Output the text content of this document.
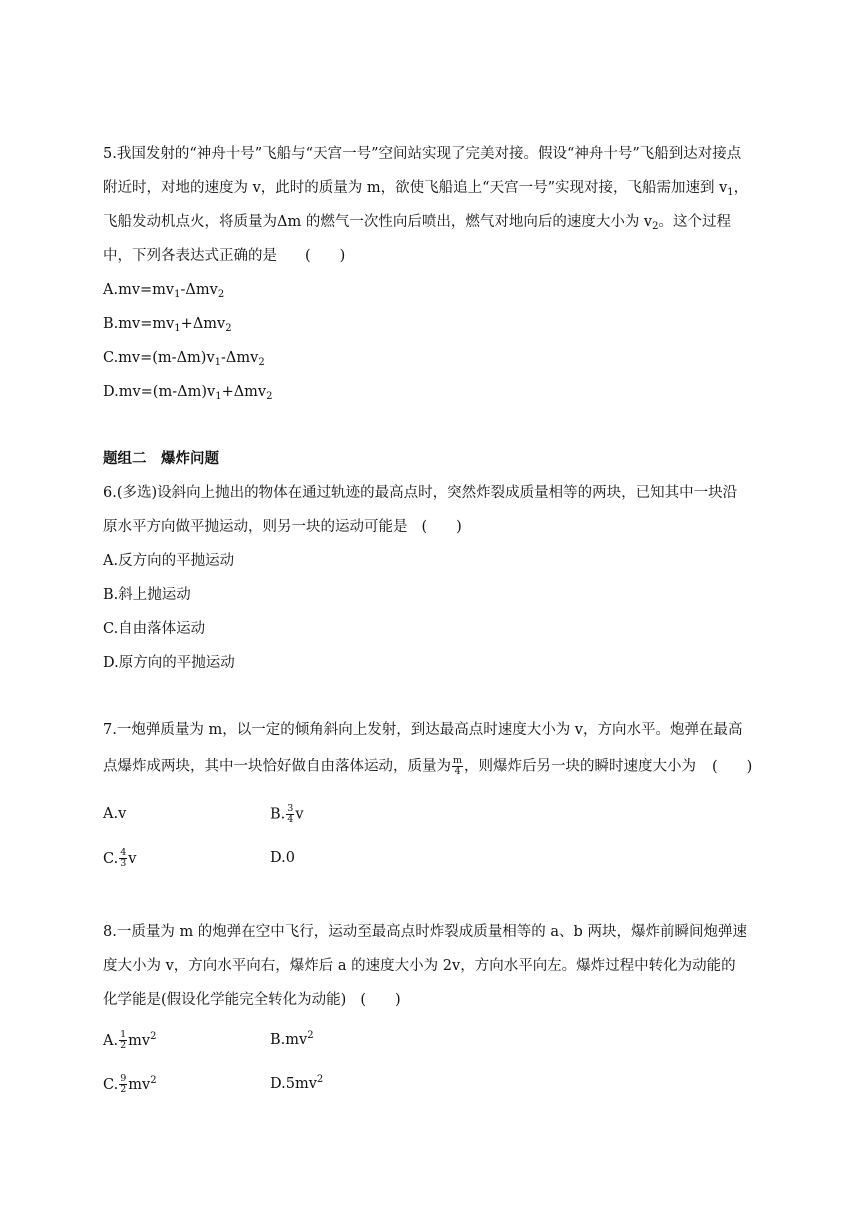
5.我国发射的“神舟十号”飞船与“天宫一号”空间站实现了完美对接。假设“神舟十号”飞船到达对接点
附近时，对地的速度为 v，此时的质量为 m，欲使飞船追上“天宫一号”实现对接，飞船需加速到 $v_1$，
飞船发动机点火，将质量为Δm 的燃气一次性向后喷出，燃气对地向后的速度大小为 $v_2$。这个过程
中，下列各表达式正确的是 (　　)
$A.mv=mv_1-\Delta mv_2$
$B.mv=mv_1+\Delta mv_2$
$C.mv=(m-\Delta m)v_1-\Delta mv_2$
$D.mv=(m-\Delta m)v_1+\Delta mv_2$
题组二　爆炸问题
6.(多选)设斜向上抛出的物体在通过轨迹的最高点时，突然炸裂成质量相等的两块，已知其中一块沿
原水平方向做平抛运动，则另一块的运动可能是 (　　)
A.反方向的平抛运动
B.斜上抛运动
C.自由落体运动
D.原方向的平抛运动
7.一炮弹质量为 m，以一定的倾角斜向上发射，到达最高点时速度大小为 v，方向水平。炮弹在最高
点爆炸成两块，其中一块恰好做自由落体运动，质量为 $\frac{m}{4}$ ，则爆炸后另一块的瞬时速度大小为 (　　)
A.v	B. $\frac{3}{4}$ v
C. $\frac{4}{3}$ v	D.0
8.一质量为 m 的炮弹在空中飞行，运动至最高点时炸裂成质量相等的 a、b 两块，爆炸前瞬间炮弹速
度大小为 v，方向水平向右，爆炸后 a 的速度大小为 2v，方向水平向左。爆炸过程中转化为动能的
化学能是(假设化学能完全转化为动能) (　　)
A. $\frac{1}{2} mv^2$	$B.mv^2$
C. $\frac{9}{2} mv^2$	$D.5mv^2$
